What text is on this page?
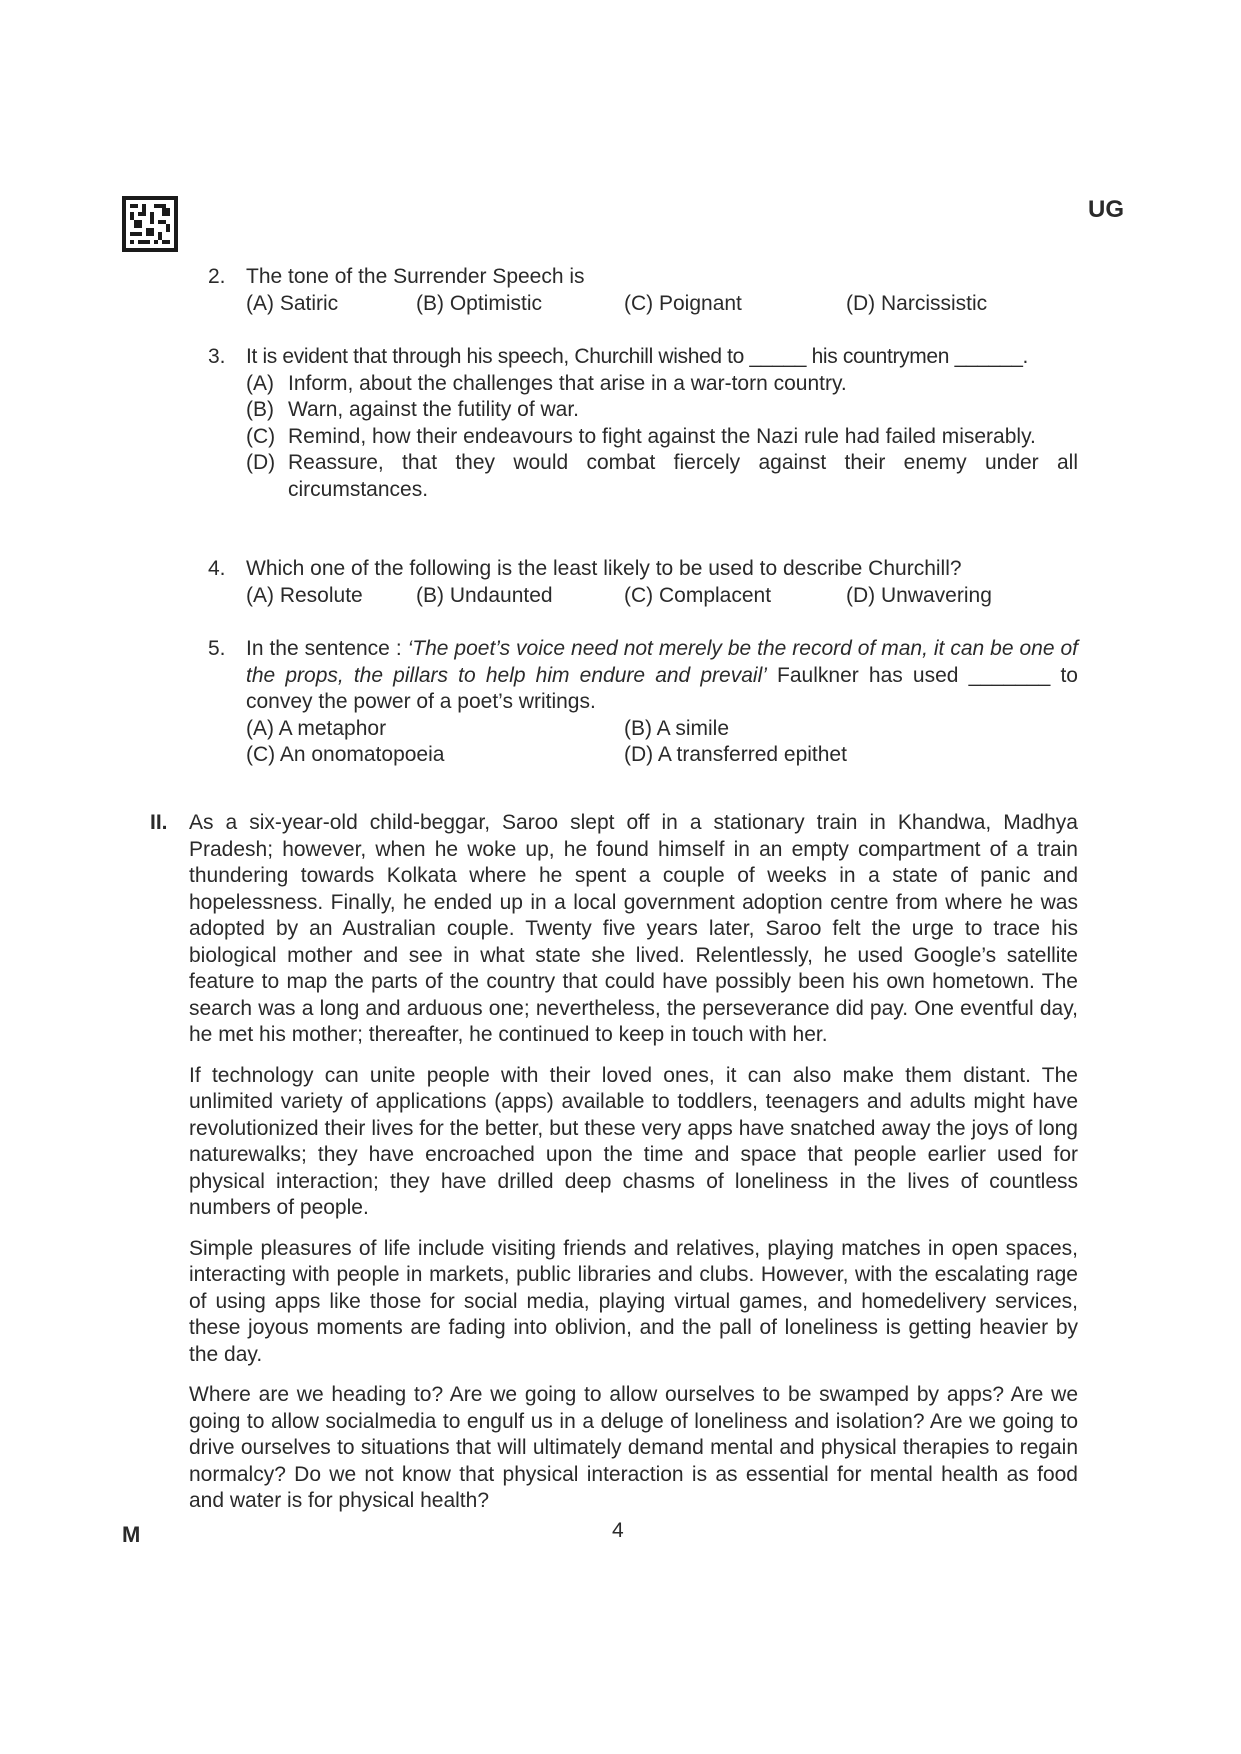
UG
2. The tone of the Surrender Speech is
(A) Satiric	(B) Optimistic	(C) Poignant	(D) Narcissistic
3. It is evident that through his speech, Churchill wished to _____ his countrymen ______.
(A) Inform, about the challenges that arise in a war-torn country.
(B) Warn, against the futility of war.
(C) Remind, how their endeavours to fight against the Nazi rule had failed miserably.
(D) Reassure, that they would combat fiercely against their enemy under all circumstances.
4. Which one of the following is the least likely to be used to describe Churchill?
(A) Resolute	(B) Undaunted	(C) Complacent	(D) Unwavering
5. In the sentence : ‘The poet’s voice need not merely be the record of man, it can be one of the props, the pillars to help him endure and prevail’ Faulkner has used _______ to convey the power of a poet’s writings.
(A) A metaphor	(B) A simile
(C) An onomatopoeia	(D) A transferred epithet
II. As a six-year-old child-beggar, Saroo slept off in a stationary train in Khandwa, Madhya Pradesh; however, when he woke up, he found himself in an empty compartment of a train thundering towards Kolkata where he spent a couple of weeks in a state of panic and hopelessness. Finally, he ended up in a local government adoption centre from where he was adopted by an Australian couple. Twenty five years later, Saroo felt the urge to trace his biological mother and see in what state she lived. Relentlessly, he used Google’s satellite feature to map the parts of the country that could have possibly been his own hometown. The search was a long and arduous one; nevertheless, the perseverance did pay. One eventful day, he met his mother; thereafter, he continued to keep in touch with her.

If technology can unite people with their loved ones, it can also make them distant. The unlimited variety of applications (apps) available to toddlers, teenagers and adults might have revolutionized their lives for the better, but these very apps have snatched away the joys of long naturewalks; they have encroached upon the time and space that people earlier used for physical interaction; they have drilled deep chasms of loneliness in the lives of countless numbers of people.

Simple pleasures of life include visiting friends and relatives, playing matches in open spaces, interacting with people in markets, public libraries and clubs. However, with the escalating rage of using apps like those for social media, playing virtual games, and homedelivery services, these joyous moments are fading into oblivion, and the pall of loneliness is getting heavier by the day.

Where are we heading to? Are we going to allow ourselves to be swamped by apps? Are we going to allow socialmedia to engulf us in a deluge of loneliness and isolation? Are we going to drive ourselves to situations that will ultimately demand mental and physical therapies to regain normalcy? Do we not know that physical interaction is as essential for mental health as food and water is for physical health?

M	4
